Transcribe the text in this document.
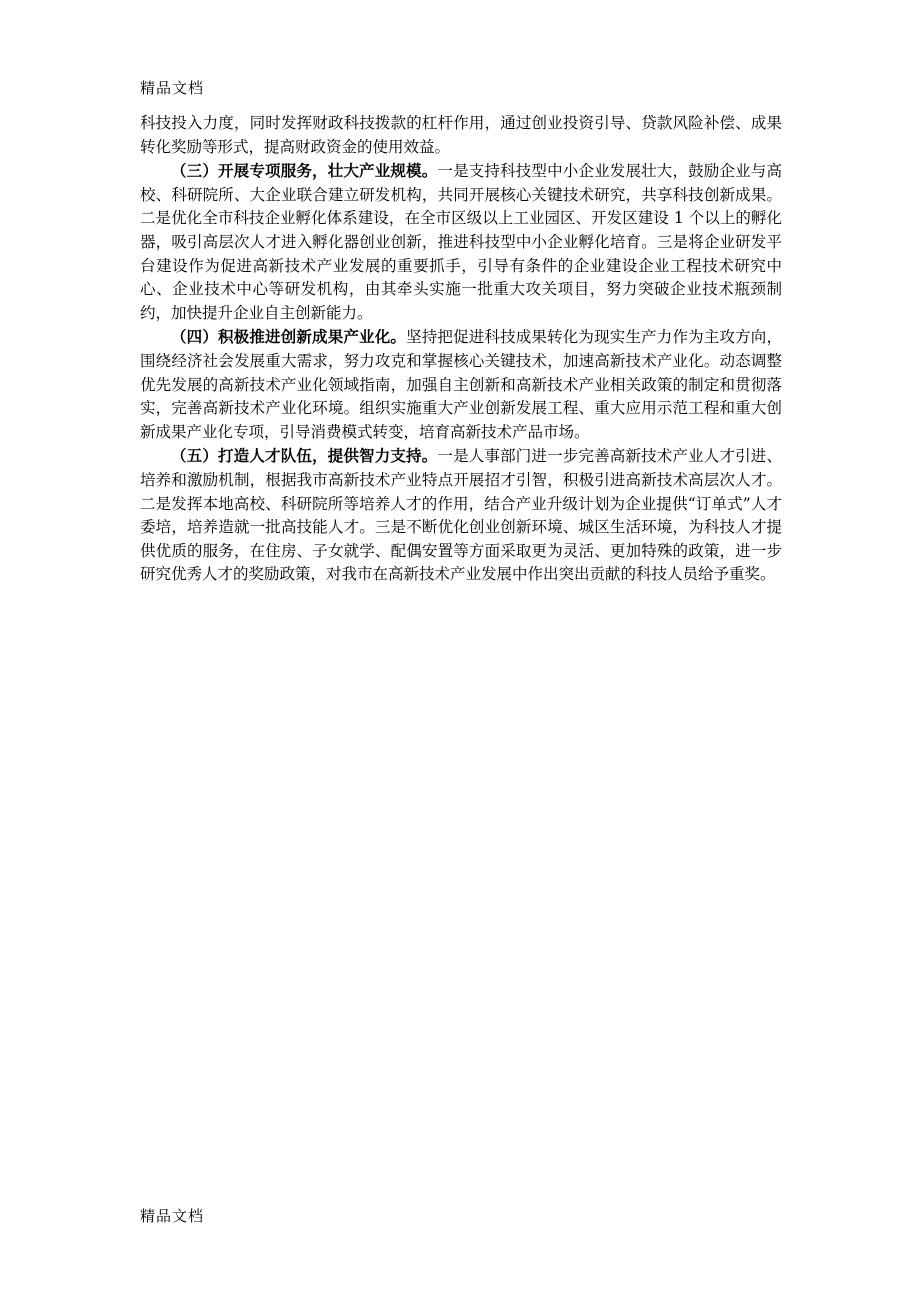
精品文档

科技投入力度，同时发挥财政科技拨款的杠杆作用，通过创业投资引导、贷款风险补偿、成果转化奖励等形式，提高财政资金的使用效益。

（三）开展专项服务，壮大产业规模。一是支持科技型中小企业发展壮大，鼓励企业与高校、科研院所、大企业联合建立研发机构，共同开展核心关键技术研究，共享科技创新成果。二是优化全市科技企业孵化体系建设，在全市区级以上工业园区、开发区建设 1 个以上的孵化器，吸引高层次人才进入孵化器创业创新，推进科技型中小企业孵化培育。三是将企业研发平台建设作为促进高新技术产业发展的重要抓手，引导有条件的企业建设企业工程技术研究中心、企业技术中心等研发机构，由其牵头实施一批重大攻关项目，努力突破企业技术瓶颈制约，加快提升企业自主创新能力。

（四）积极推进创新成果产业化。坚持把促进科技成果转化为现实生产力作为主攻方向，围绕经济社会发展重大需求，努力攻克和掌握核心关键技术，加速高新技术产业化。动态调整优先发展的高新技术产业化领域指南，加强自主创新和高新技术产业相关政策的制定和贯彻落实，完善高新技术产业化环境。组织实施重大产业创新发展工程、重大应用示范工程和重大创新成果产业化专项，引导消费模式转变，培育高新技术产品市场。

（五）打造人才队伍，提供智力支持。一是人事部门进一步完善高新技术产业人才引进、培养和激励机制，根据我市高新技术产业特点开展招才引智，积极引进高新技术高层次人才。二是发挥本地高校、科研院所等培养人才的作用，结合产业升级计划为企业提供“订单式”人才委培，培养造就一批高技能人才。三是不断优化创业创新环境、城区生活环境，为科技人才提供优质的服务，在住房、子女就学、配偶安置等方面采取更为灵活、更加特殊的政策，进一步研究优秀人才的奖励政策，对我市在高新技术产业发展中作出突出贡献的科技人员给予重奖。

精品文档
